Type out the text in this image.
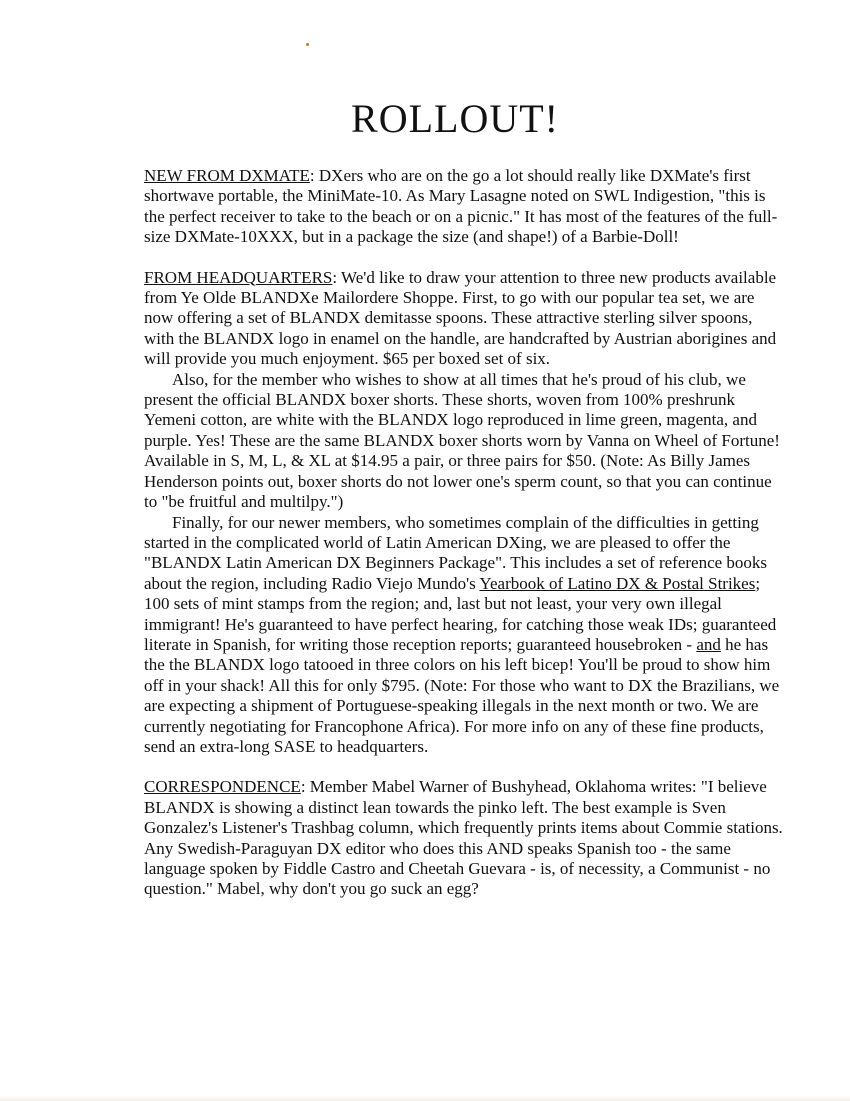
ROLLOUT!

NEW FROM DXMATE: DXers who are on the go a lot should really like DXMate's first shortwave portable, the MiniMate-10. As Mary Lasagne noted on SWL Indigestion, "this is the perfect receiver to take to the beach or on a picnic." It has most of the features of the full-size DXMate-10XXX, but in a package the size (and shape!) of a Barbie-Doll!

FROM HEADQUARTERS: We'd like to draw your attention to three new products available from Ye Olde BLANDXe Mailordere Shoppe. First, to go with our popular tea set, we are now offering a set of BLANDX demitasse spoons. These attractive sterling silver spoons, with the BLANDX logo in enamel on the handle, are handcrafted by Austrian aborigines and will provide you much enjoyment. $65 per boxed set of six.

Also, for the member who wishes to show at all times that he's proud of his club, we present the official BLANDX boxer shorts. These shorts, woven from 100% preshrunk Yemeni cotton, are white with the BLANDX logo reproduced in lime green, magenta, and purple. Yes! These are the same BLANDX boxer shorts worn by Vanna on Wheel of Fortune! Available in S, M, L, & XL at $14.95 a pair, or three pairs for $50. (Note: As Billy James Henderson points out, boxer shorts do not lower one's sperm count, so that you can continue to "be fruitful and multilpy.")

Finally, for our newer members, who sometimes complain of the difficulties in getting started in the complicated world of Latin American DXing, we are pleased to offer the "BLANDX Latin American DX Beginners Package". This includes a set of reference books about the region, including Radio Viejo Mundo's Yearbook of Latino DX & Postal Strikes; 100 sets of mint stamps from the region; and, last but not least, your very own illegal immigrant! He's guaranteed to have perfect hearing, for catching those weak IDs; guaranteed literate in Spanish, for writing those reception reports; guaranteed housebroken - and he has the the BLANDX logo tatooed in three colors on his left bicep! You'll be proud to show him off in your shack! All this for only $795. (Note: For those who want to DX the Brazilians, we are expecting a shipment of Portuguese-speaking illegals in the next month or two. We are currently negotiating for Francophone Africa). For more info on any of these fine products, send an extra-long SASE to headquarters.

CORRESPONDENCE: Member Mabel Warner of Bushyhead, Oklahoma writes: "I believe BLANDX is showing a distinct lean towards the pinko left. The best example is Sven Gonzalez's Listener's Trashbag column, which frequently prints items about Commie stations. Any Swedish-Paraguyan DX editor who does this AND speaks Spanish too - the same language spoken by Fiddle Castro and Cheetah Guevara - is, of necessity, a Communist - no question." Mabel, why don't you go suck an egg?
